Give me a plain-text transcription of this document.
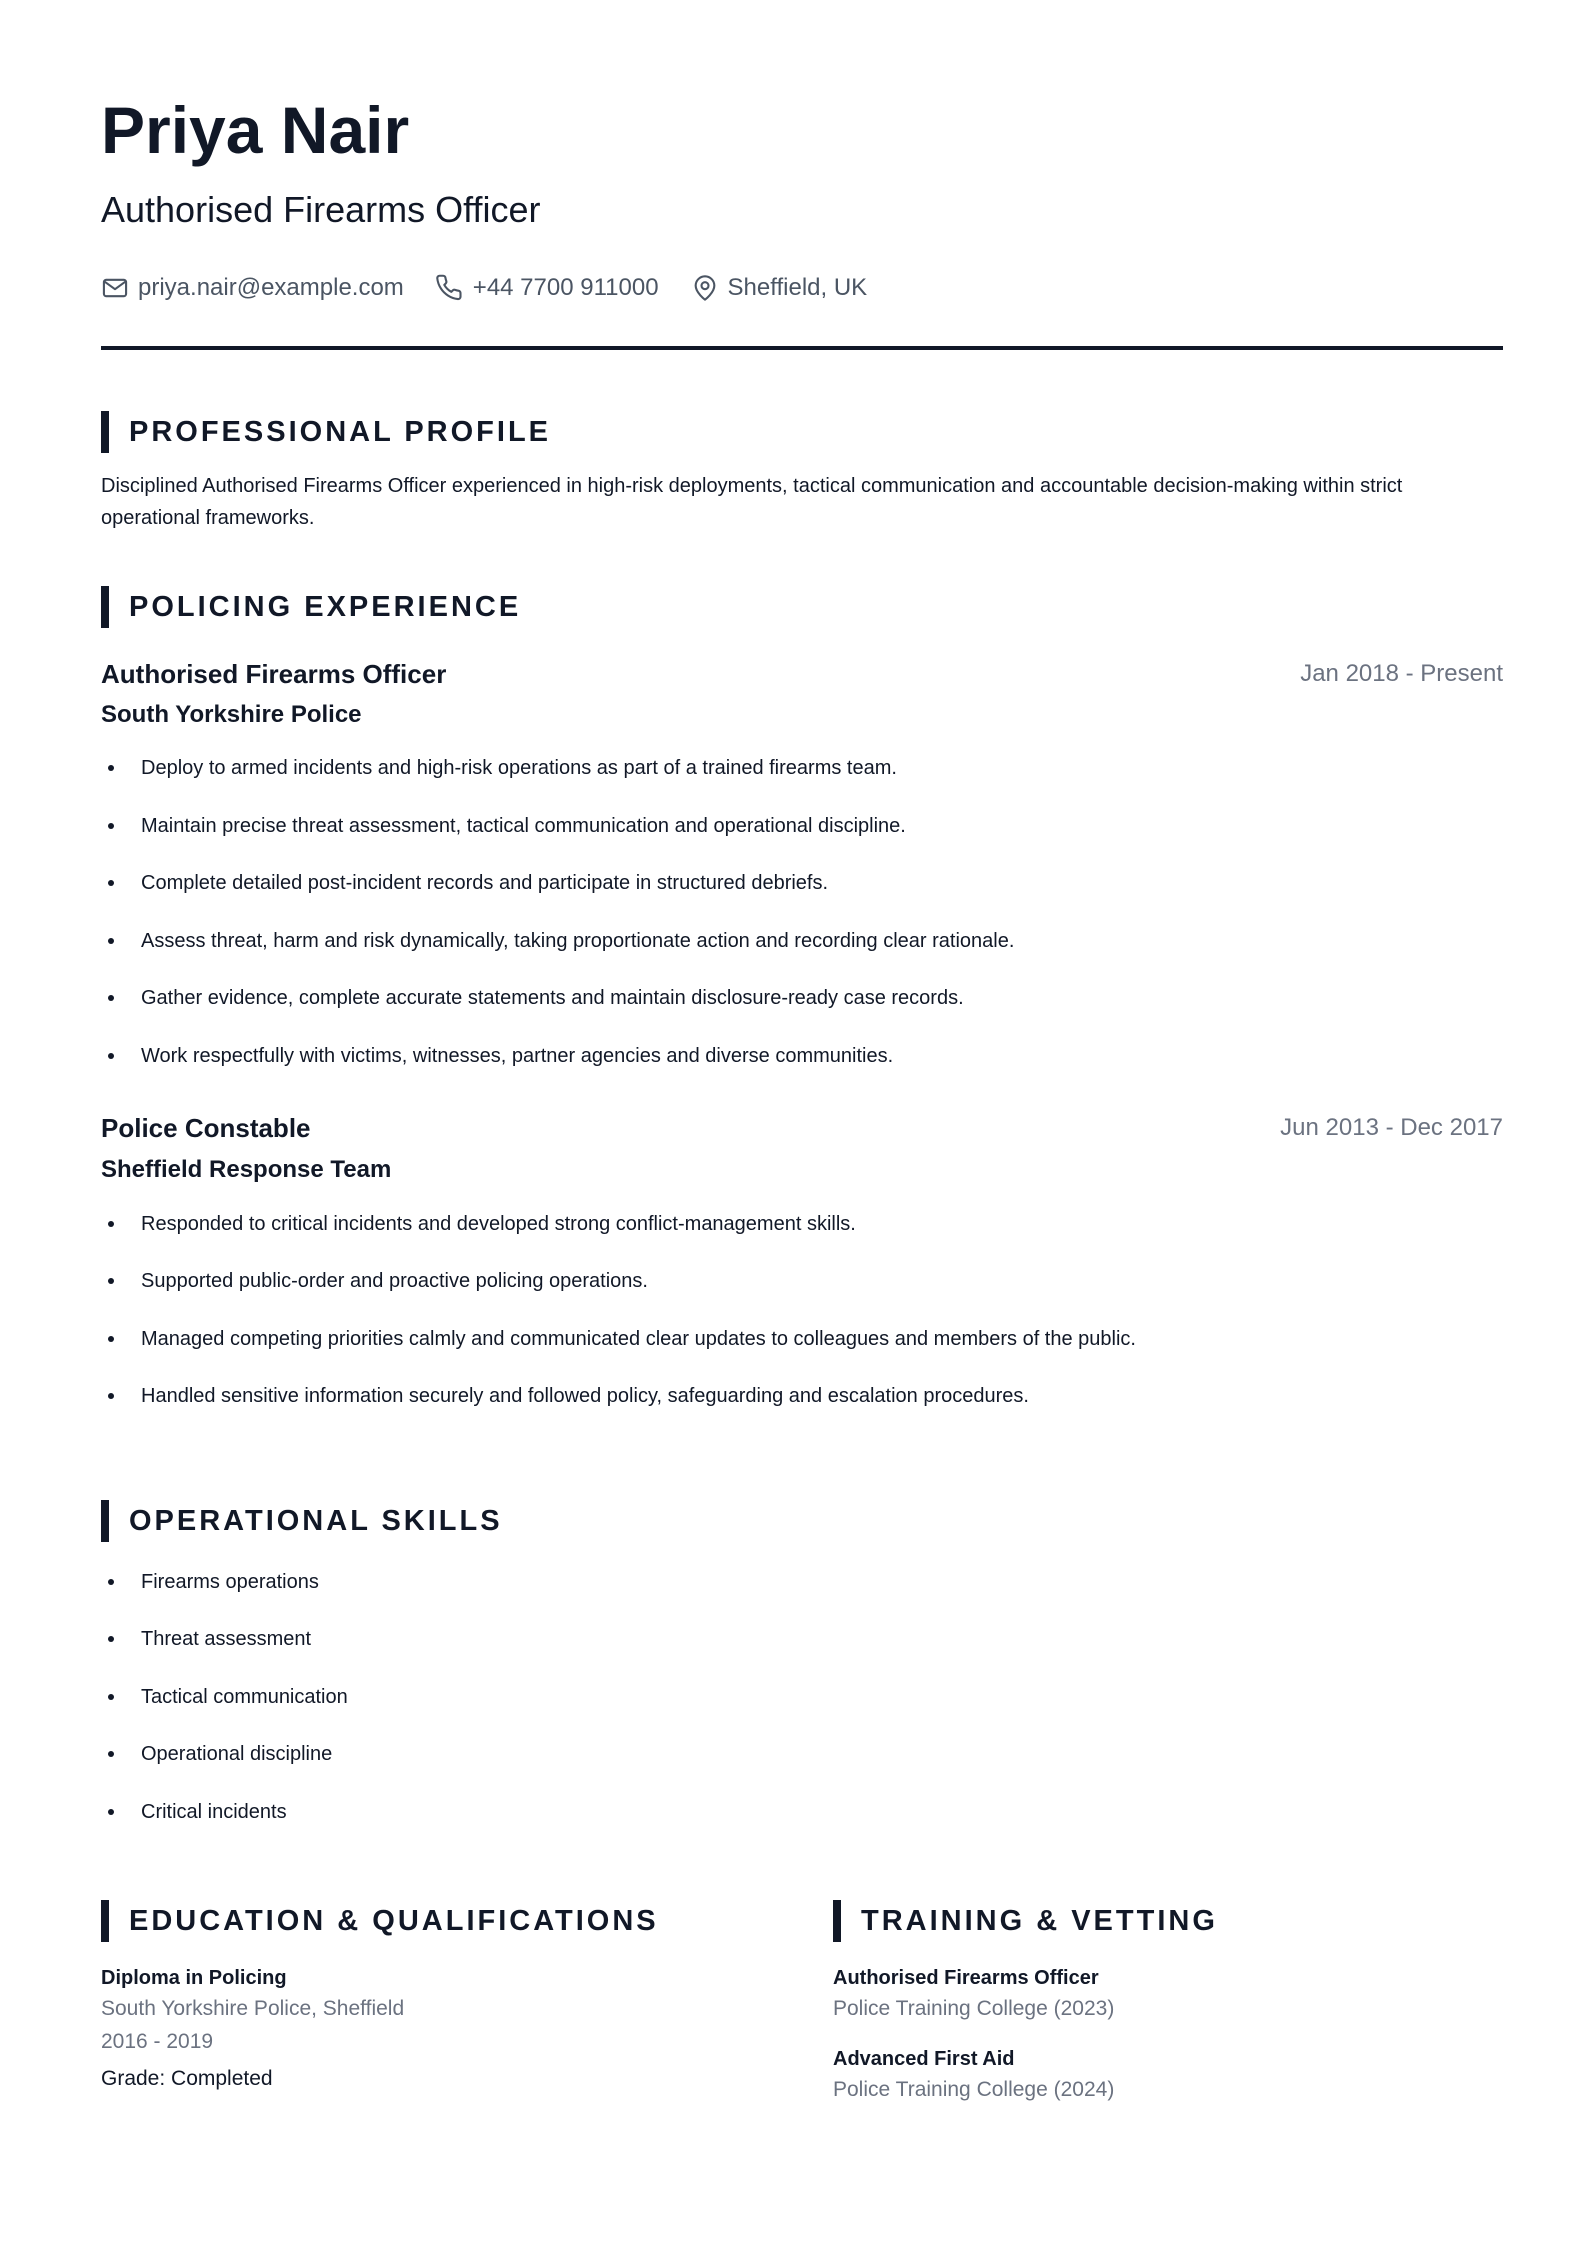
Priya Nair
Authorised Firearms Officer
priya.nair@example.com	+44 7700 911000	Sheffield, UK
PROFESSIONAL PROFILE

Disciplined Authorised Firearms Officer experienced in high-risk deployments, tactical communication and accountable decision-making within strict operational frameworks.

POLICING EXPERIENCE
Authorised Firearms Officer	Jan 2018 - Present
South Yorkshire Police
Deploy to armed incidents and high-risk operations as part of a trained firearms team.
Maintain precise threat assessment, tactical communication and operational discipline.
Complete detailed post-incident records and participate in structured debriefs.
Assess threat, harm and risk dynamically, taking proportionate action and recording clear rationale.
Gather evidence, complete accurate statements and maintain disclosure-ready case records.
Work respectfully with victims, witnesses, partner agencies and diverse communities.
Police Constable	Jun 2013 - Dec 2017
Sheffield Response Team
Responded to critical incidents and developed strong conflict-management skills.
Supported public-order and proactive policing operations.
Managed competing priorities calmly and communicated clear updates to colleagues and members of the public.
Handled sensitive information securely and followed policy, safeguarding and escalation procedures.
OPERATIONAL SKILLS
Firearms operations
Threat assessment
Tactical communication
Operational discipline
Critical incidents
EDUCATION & QUALIFICATIONS
Diploma in Policing
South Yorkshire Police, Sheffield
2016 - 2019
Grade: Completed
TRAINING & VETTING
Authorised Firearms Officer
Police Training College (2023)
Advanced First Aid
Police Training College (2024)
